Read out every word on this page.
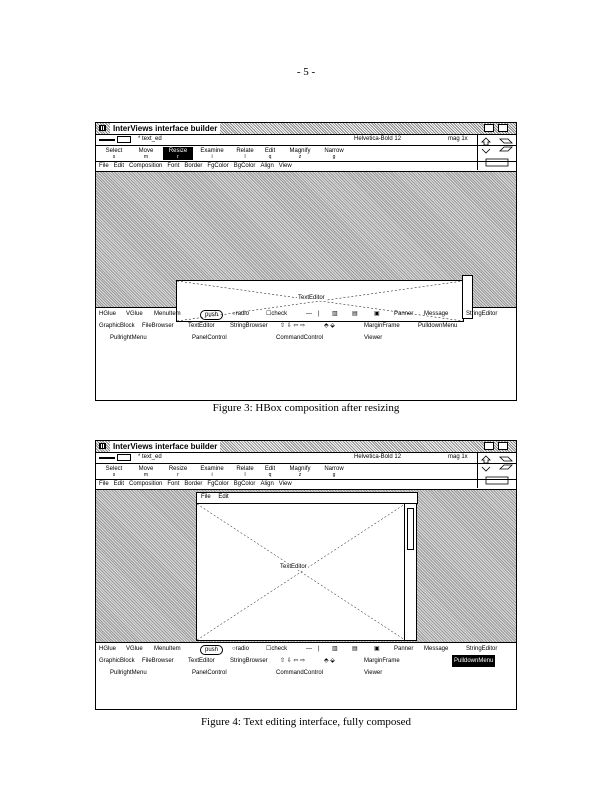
- 5 -
InterViews interface builder
* text_ed	Helvetica-Bold 12	mag 1x
Select
s
Move
m
Resize
r
Examine
i
Relate
l
Edit
q
Magnify
z
Narrow
g
File Edit Composition Font Border FgColor BgColor Align View
TextEditor
HGlue VGlue MenuItem	push	○ radio	☐ check	— | ▥ ▤	▣ Panner Message	StringEditor
GraphicBlock FileBrowser TextEditor	StringBrowser ⇧ ⇩ ⇦ ⇨	⬘ ⬙	MarginFrame	PulldownMenu
PullrightMenu	PanelControl	CommandControl	Viewer
Figure 3: HBox composition after resizing
InterViews interface builder
* text_ed	Helvetica-Bold 12	mag 1x
Select
s
Move
m
Resize
r
Examine
i
Relate
l
Edit
q
Magnify
z
Narrow
g
File Edit Composition Font Border FgColor BgColor Align View
File Edit
TextEditor
HGlue VGlue MenuItem	push	○ radio	☐ check	— | ▥ ▤	▣ Panner Message	StringEditor
GraphicBlock FileBrowser TextEditor	StringBrowser ⇧ ⇩ ⇦ ⇨	⬘ ⬙	MarginFrame	PulldownMenu
PullrightMenu	PanelControl	CommandControl	Viewer
Figure 4: Text editing interface, fully composed
